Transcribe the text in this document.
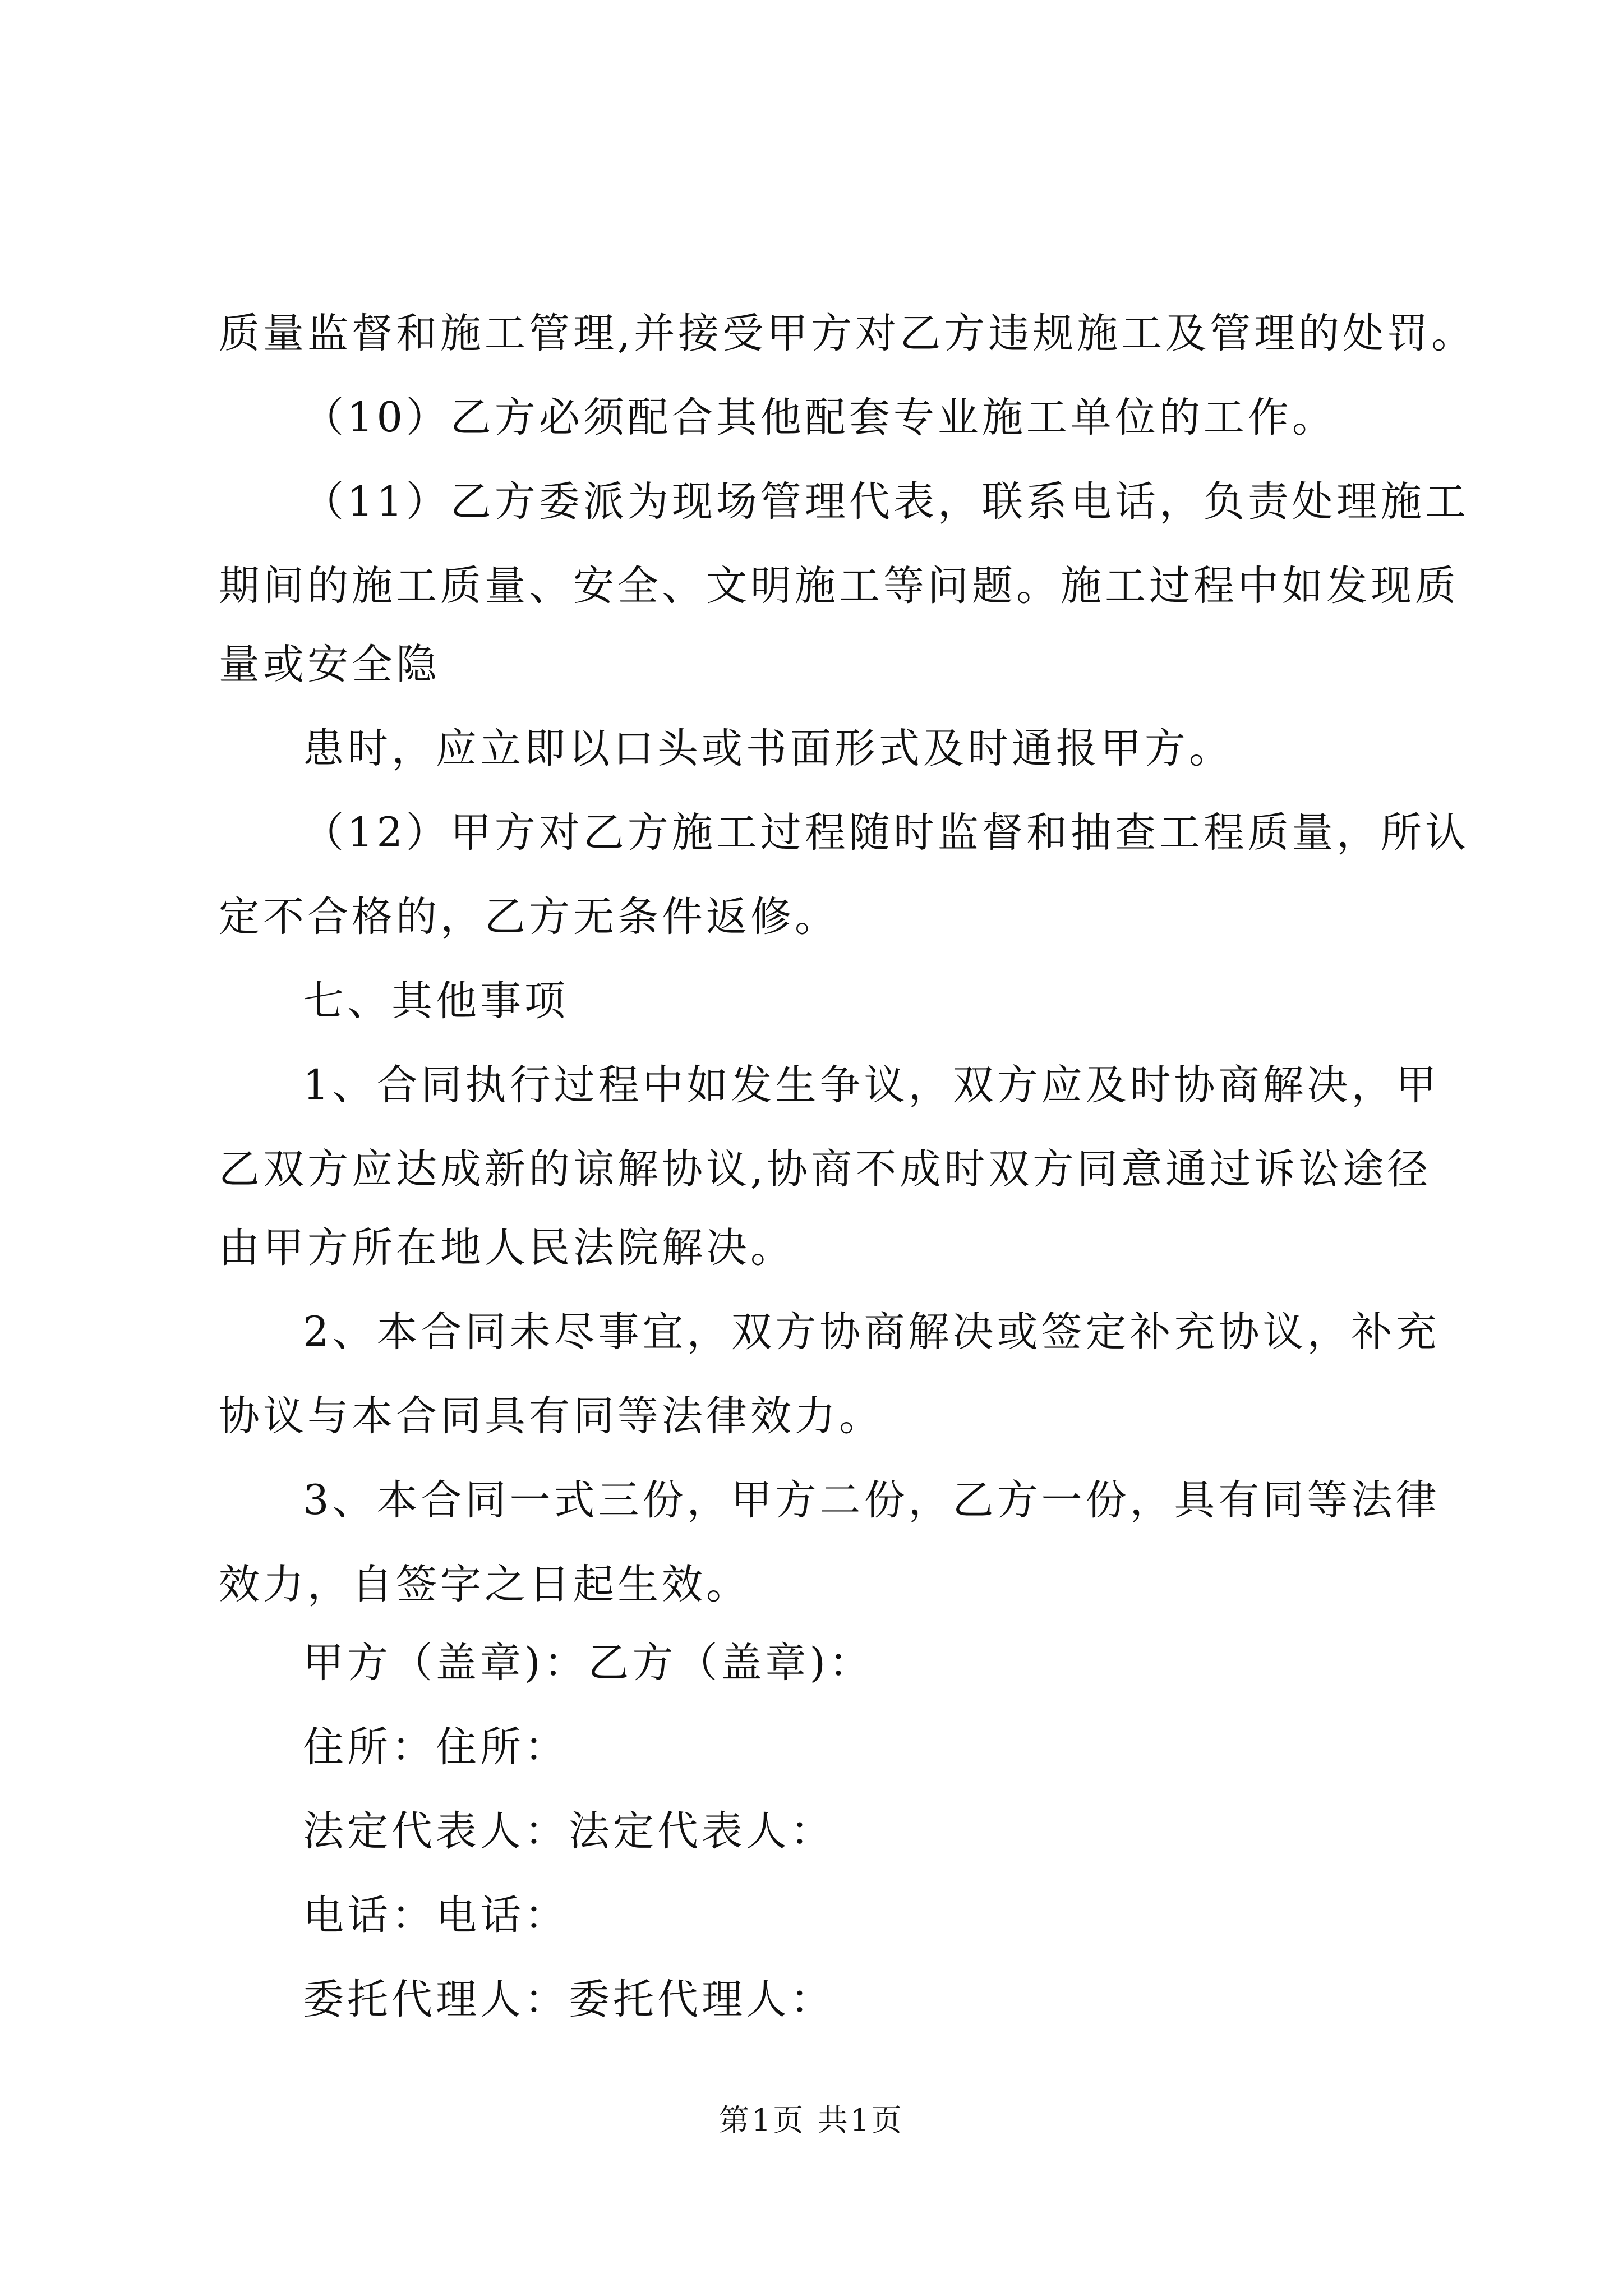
质量监督和施工管理,并接受甲方对乙方违规施工及管理的处罚。
（10）乙方必须配合其他配套专业施工单位的工作。
（11）乙方委派为现场管理代表，联系电话，负责处理施工
期间的施工质量、安全、文明施工等问题。施工过程中如发现质
量或安全隐
患时，应立即以口头或书面形式及时通报甲方。
（12）甲方对乙方施工过程随时监督和抽查工程质量，所认
定不合格的，乙方无条件返修。
七、其他事项
1、合同执行过程中如发生争议，双方应及时协商解决，甲
乙双方应达成新的谅解协议,协商不成时双方同意通过诉讼途径
由甲方所在地人民法院解决。
2、本合同未尽事宜，双方协商解决或签定补充协议，补充
协议与本合同具有同等法律效力。
3、本合同一式三份，甲方二份，乙方一份，具有同等法律
效力，自签字之日起生效。
甲方（盖章)：乙方（盖章)：
住所：住所：
法定代表人：法定代表人：
电话：电话：
委托代理人：委托代理人：
第1页 共1页
